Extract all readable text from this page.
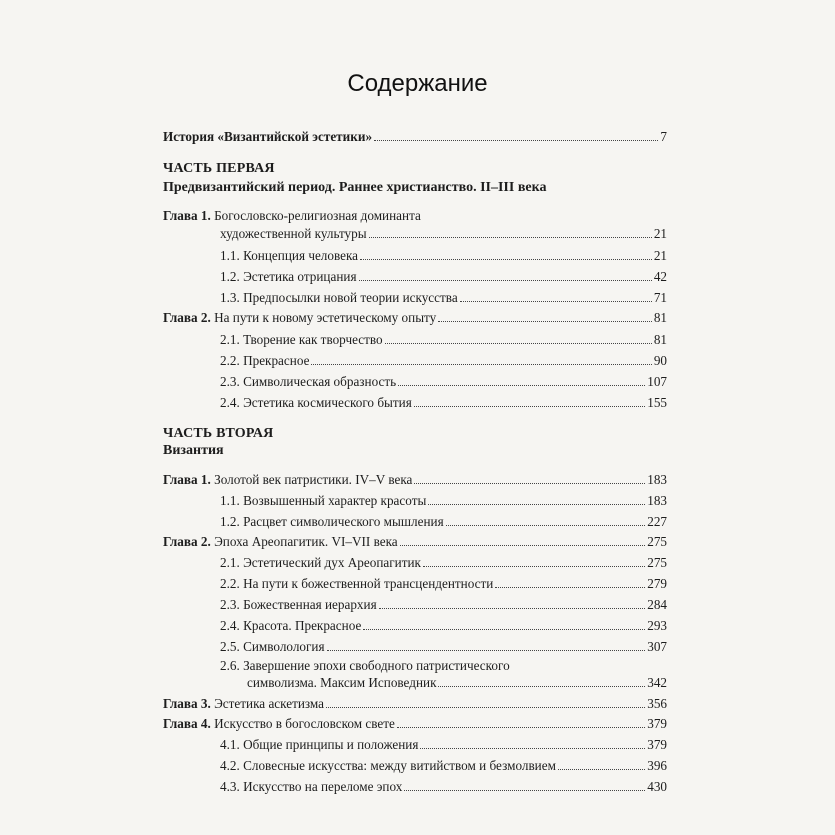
Содержание
История «Византийской эстетики»	7
ЧАСТЬ ПЕРВАЯ
Предвизантийский период. Раннее христианство. II–III века
Глава 1. Богословско-религиозная доминанта
художественной культуры	21
1.1. Концепция человека	21
1.2. Эстетика отрицания	42
1.3. Предпосылки новой теории искусства	71
Глава 2. На пути к новому эстетическому опыту	81
2.1. Творение как творчество	81
2.2. Прекрасное	90
2.3. Символическая образность	107
2.4. Эстетика космического бытия	155
ЧАСТЬ ВТОРАЯ
Византия
Глава 1. Золотой век патристики. IV–V века	183
1.1. Возвышенный характер красоты	183
1.2. Расцвет символического мышления	227
Глава 2. Эпоха Ареопагитик. VI–VII века	275
2.1. Эстетический дух Ареопагитик	275
2.2. На пути к божественной трансцендентности	279
2.3. Божественная иерархия	284
2.4. Красота. Прекрасное	293
2.5. Символология	307
2.6. Завершение эпохи свободного патристического
символизма. Максим Исповедник	342
Глава 3. Эстетика аскетизма	356
Глава 4. Искусство в богословском свете	379
4.1. Общие принципы и положения	379
4.2. Словесные искусства: между витийством и безмолвием	396
4.3. Искусство на переломе эпох	430
